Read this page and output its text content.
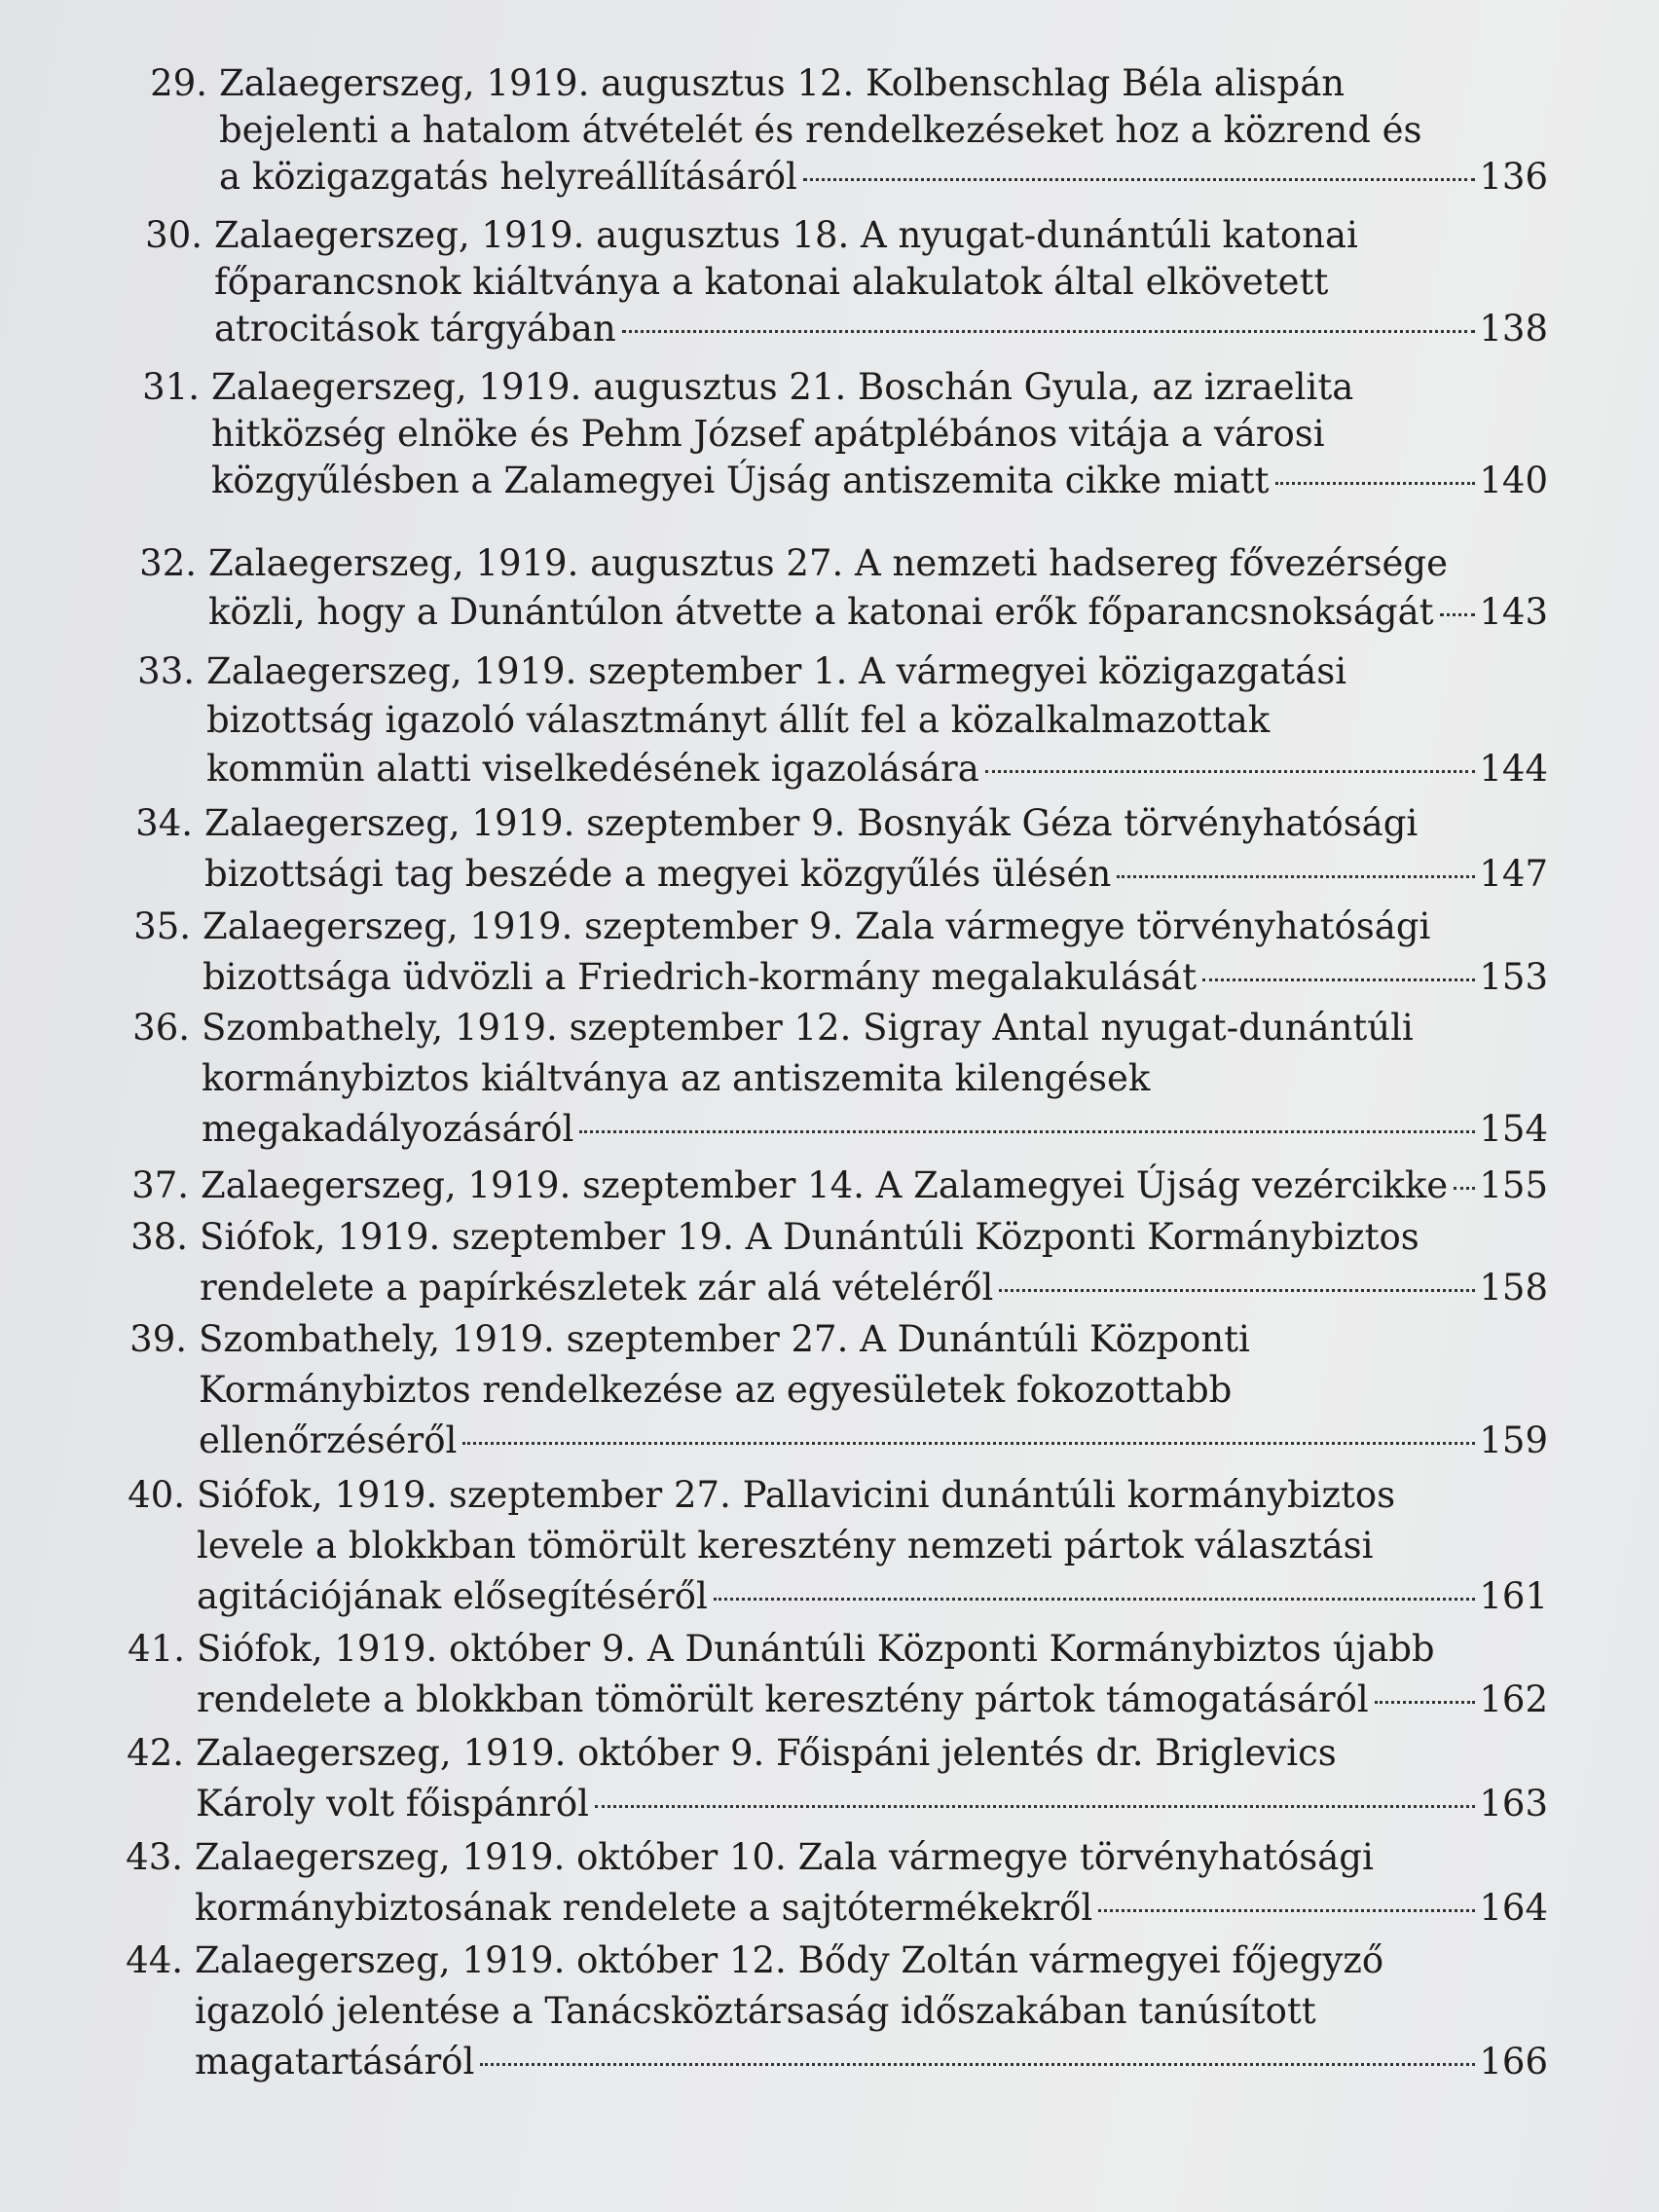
29. Zalaegerszeg, 1919. augusztus 12. Kolbenschlag Béla alispán
bejelenti a hatalom átvételét és rendelkezéseket hoz a közrend és
a közigazgatás helyreállításáról	136
30. Zalaegerszeg, 1919. augusztus 18. A nyugat-dunántúli katonai
főparancsnok kiáltványa a katonai alakulatok által elkövetett
atrocitások tárgyában	138
31. Zalaegerszeg, 1919. augusztus 21. Boschán Gyula, az izraelita
hitközség elnöke és Pehm József apátplébános vitája a városi
közgyűlésben a Zalamegyei Újság antiszemita cikke miatt	140
32. Zalaegerszeg, 1919. augusztus 27. A nemzeti hadsereg fővezérsége
közli, hogy a Dunántúlon átvette a katonai erők főparancsnokságát 143
33. Zalaegerszeg, 1919. szeptember 1. A vármegyei közigazgatási
bizottság igazoló választmányt állít fel a közalkalmazottak
kommün alatti viselkedésének igazolására	144
34. Zalaegerszeg, 1919. szeptember 9. Bosnyák Géza törvényhatósági
bizottsági tag beszéde a megyei közgyűlés ülésén	147
35. Zalaegerszeg, 1919. szeptember 9. Zala vármegye törvényhatósági
bizottsága üdvözli a Friedrich-kormány megalakulását	153
36. Szombathely, 1919. szeptember 12. Sigray Antal nyugat-dunántúli
kormánybiztos kiáltványa az antiszemita kilengések
megakadályozásáról	154
37. Zalaegerszeg, 1919. szeptember 14. A Zalamegyei Újság vezércikke 155
38. Siófok, 1919. szeptember 19. A Dunántúli Központi Kormánybiztos
rendelete a papírkészletek zár alá vételéről	158
39. Szombathely, 1919. szeptember 27. A Dunántúli Központi
Kormánybiztos rendelkezése az egyesületek fokozottabb
ellenőrzéséről	159
40. Siófok, 1919. szeptember 27. Pallavicini dunántúli kormánybiztos
levele a blokkban tömörült keresztény nemzeti pártok választási
agitációjának elősegítéséről	161
41. Siófok, 1919. október 9. A Dunántúli Központi Kormánybiztos újabb
rendelete a blokkban tömörült keresztény pártok támogatásáról	162
42. Zalaegerszeg, 1919. október 9. Főispáni jelentés dr. Briglevics
Károly volt főispánról	163
43. Zalaegerszeg, 1919. október 10. Zala vármegye törvényhatósági
kormánybiztosának rendelete a sajtótermékekről	164
44. Zalaegerszeg, 1919. október 12. Bődy Zoltán vármegyei főjegyző
igazoló jelentése a Tanácsköztársaság időszakában tanúsított
magatartásáról	166
